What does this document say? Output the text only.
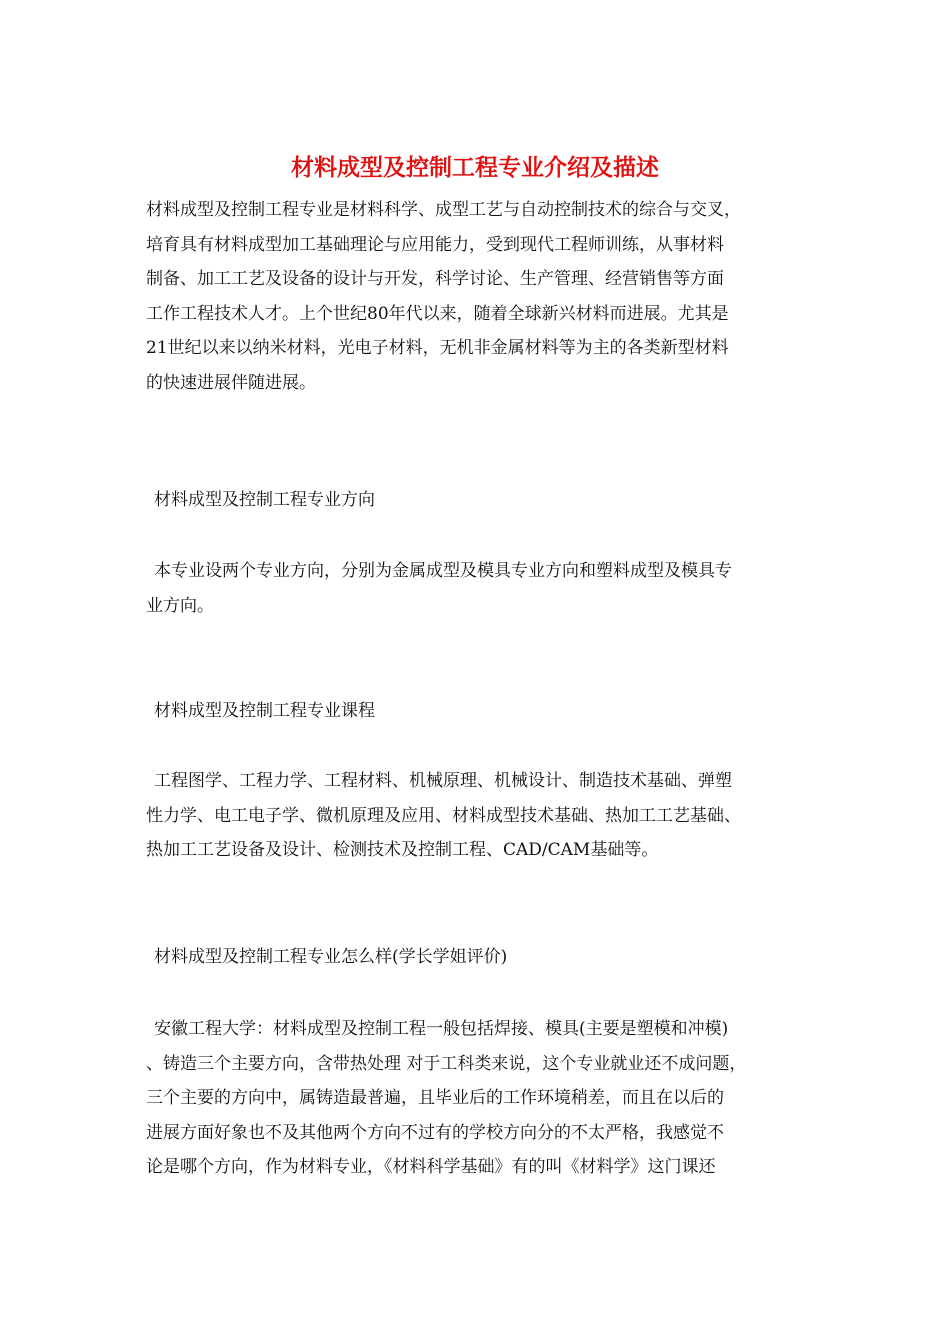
材料成型及控制工程专业介绍及描述
材料成型及控制工程专业是材料科学、成型工艺与自动控制技术的综合与交叉，
培育具有材料成型加工基础理论与应用能力，受到现代工程师训练，从事材料
制备、加工工艺及设备的设计与开发，科学讨论、生产管理、经营销售等方面
工作工程技术人才。上个世纪80年代以来，随着全球新兴材料而进展。尤其是
21世纪以来以纳米材料，光电子材料，无机非金属材料等为主的各类新型材料
的快速进展伴随进展。
材料成型及控制工程专业方向
本专业设两个专业方向，分别为金属成型及模具专业方向和塑料成型及模具专
业方向。
材料成型及控制工程专业课程
工程图学、工程力学、工程材料、机械原理、机械设计、制造技术基础、弹塑
性力学、电工电子学、微机原理及应用、材料成型技术基础、热加工工艺基础、
热加工工艺设备及设计、检测技术及控制工程、CAD/CAM基础等。
材料成型及控制工程专业怎么样(学长学姐评价)
安徽工程大学：材料成型及控制工程一般包括焊接、模具(主要是塑模和冲模)
、铸造三个主要方向，含带热处理 对于工科类来说，这个专业就业还不成问题，
三个主要的方向中，属铸造最普遍，且毕业后的工作环境稍差，而且在以后的
进展方面好象也不及其他两个方向不过有的学校方向分的不太严格，我感觉不
论是哪个方向，作为材料专业，《材料科学基础》有的叫《材料学》这门课还
